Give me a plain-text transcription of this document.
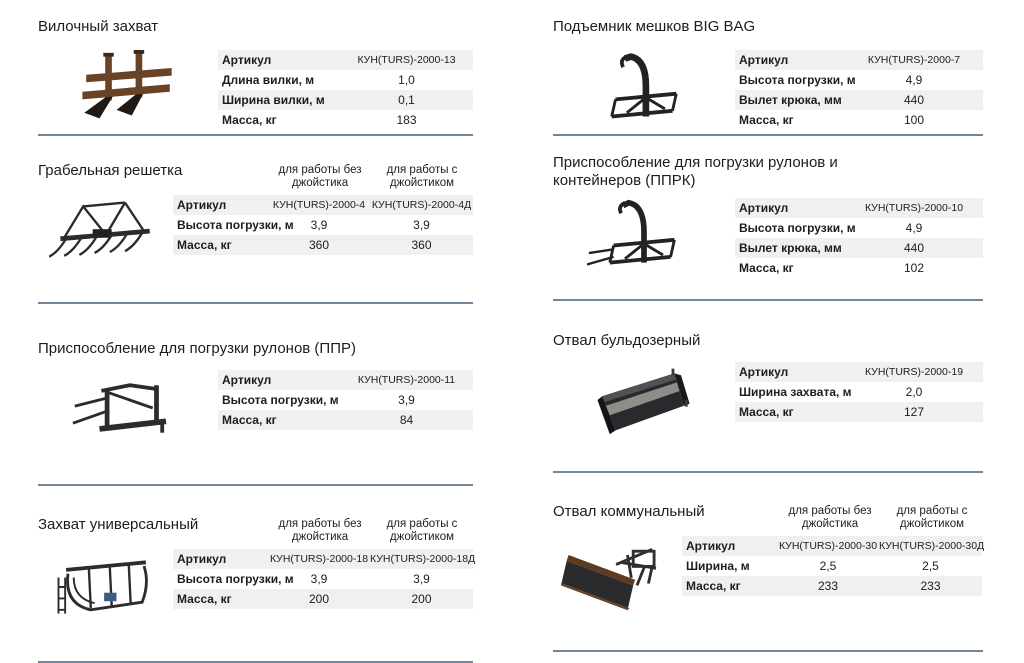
Вилочный захват
Артикул	КУН(TURS)-2000-13
Длина вилки, м	1,0
Ширина вилки, м	0,1
Масса, кг	183
Грабельная решетка	для работы без джойстика
для работы с джойстиком
Артикул	КУН(TURS)-2000-4	КУН(TURS)-2000-4Д
Высота погрузки, м	3,9	3,9
Масса, кг	360	360
Приспособление для погрузки рулонов (ППР)
Артикул	КУН(TURS)-2000-11
Высота погрузки, м	3,9
Масса, кг	84
Захват универсальный	для работы без джойстика
для работы с джойстиком
Артикул	КУН(TURS)-2000-18	КУН(TURS)-2000-18Д
Высота погрузки, м	3,9	3,9
Масса, кг	200	200
Подъемник мешков BIG BAG
Артикул	КУН(TURS)-2000-7
Высота погрузки, м	4,9
Вылет крюка, мм	440
Масса, кг	100
Приспособление для погрузки рулонов и контейнеров (ППРК)
Артикул	КУН(TURS)-2000-10
Высота погрузки, м	4,9
Вылет крюка, мм	440
Масса, кг	102
Отвал бульдозерный
Артикул	КУН(TURS)-2000-19
Ширина захвата, м	2,0
Масса, кг	127
Отвал коммунальный	для работы без джойстика
для работы с джойстиком
Артикул	КУН(TURS)-2000-30	КУН(TURS)-2000-30Д
Ширина, м	2,5	2,5
Масса, кг	233	233
